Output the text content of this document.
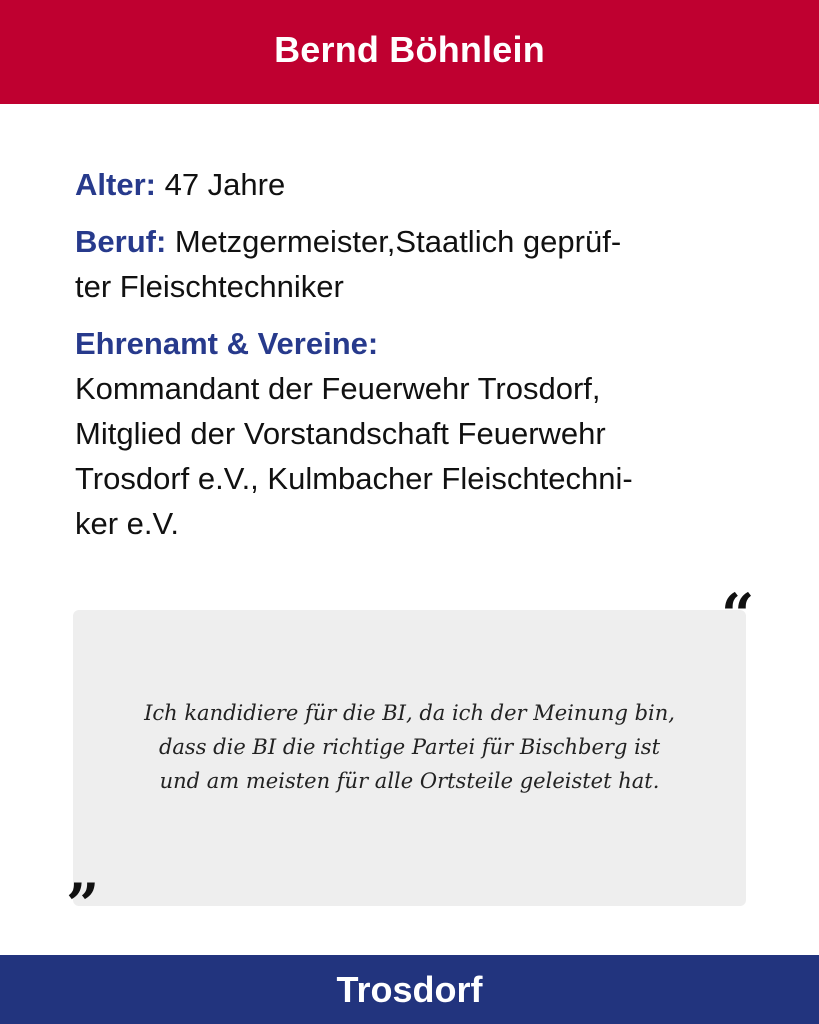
Bernd Böhnlein

Alter: 47 Jahre

Beruf: Metzgermeister,Staatlich geprüf-
ter Fleischtechniker

Ehrenamt & Vereine:
Kommandant der Feuerwehr Trosdorf,
Mitglied der Vorstandschaft Feuerwehr
Trosdorf e.V., Kulmbacher Fleischtechni-
ker e.V.

Ich kandidiere für die BI, da ich der Meinung bin,
dass die BI die richtige Partei für Bischberg ist
und am meisten für alle Ortsteile geleistet hat.
“
”
Trosdorf
